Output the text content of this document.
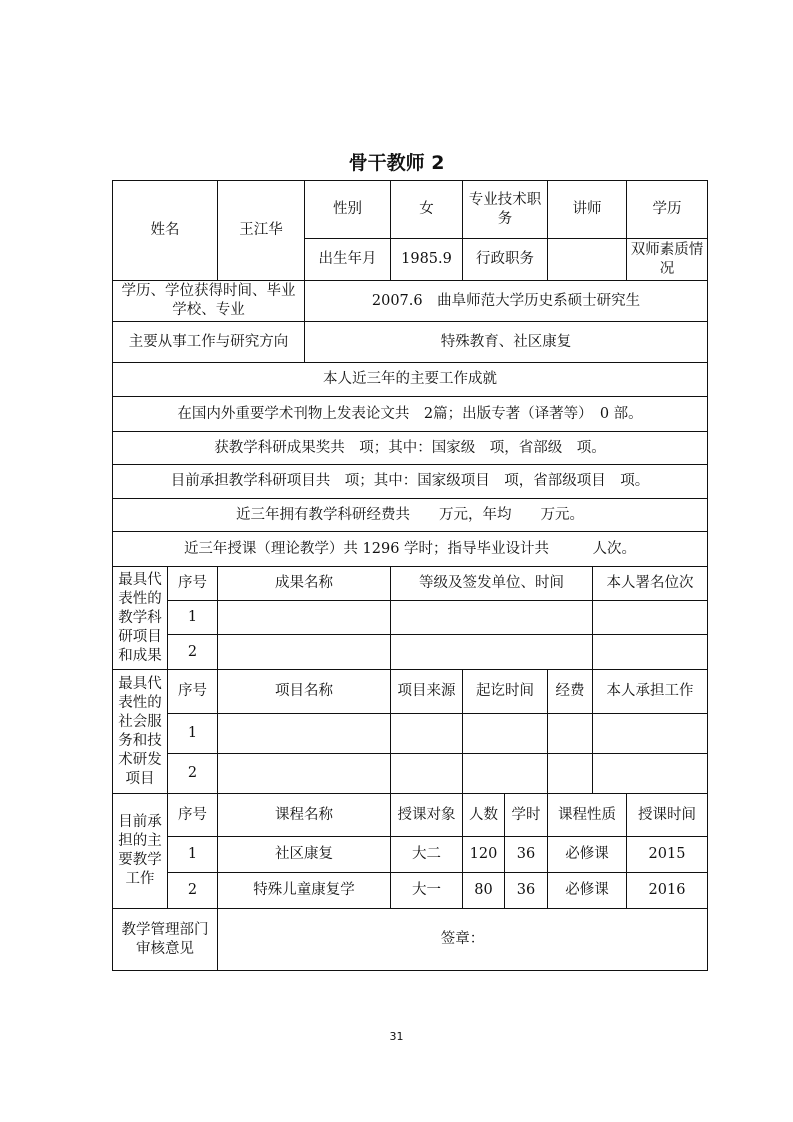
骨干教师 2
姓名		王江华	性别	女	专业技术职务		讲师		学历	
			出生年月	1985.9	行政职务				双师素质情况	
学历、学位获得时间、毕业学校、专业			2007.6　曲阜师范大学历史系硕士研究生							
主要从事工作与研究方向			特殊教育、社区康复							
本人近三年的主要工作成就										
在国内外重要学术刊物上发表论文共　2篇；出版专著（译著等）　0 部。										
获教学科研成果奖共　项；其中：国家级　项，省部级　项。										
目前承担教学科研项目共　项；其中：国家级项目　项，省部级项目　项。										
近三年拥有教学科研经费共　　万元，年均　　万元。										
近三年授课（理论教学）共 1296 学时；指导毕业设计共　　　人次。										
最具代表性的教学科研项目和成果	序号	成果名称		等级及签发单位、时间				本人署名位次		
	1									
	2									
最具代表性的社会服务和技术研发项目	序号	项目名称		项目来源	起讫时间		经费	本人承担工作		
	1									
	2									
目前承担的主要教学工作	序号	课程名称		授课对象	人数	学时	课程性质		授课时间	
	1	社区康复		大二	120	36	必修课		2015	
	2	特殊儿童康复学		大一	80	36	必修课		2016	
教学管理部门审核意见		签章：								
31
